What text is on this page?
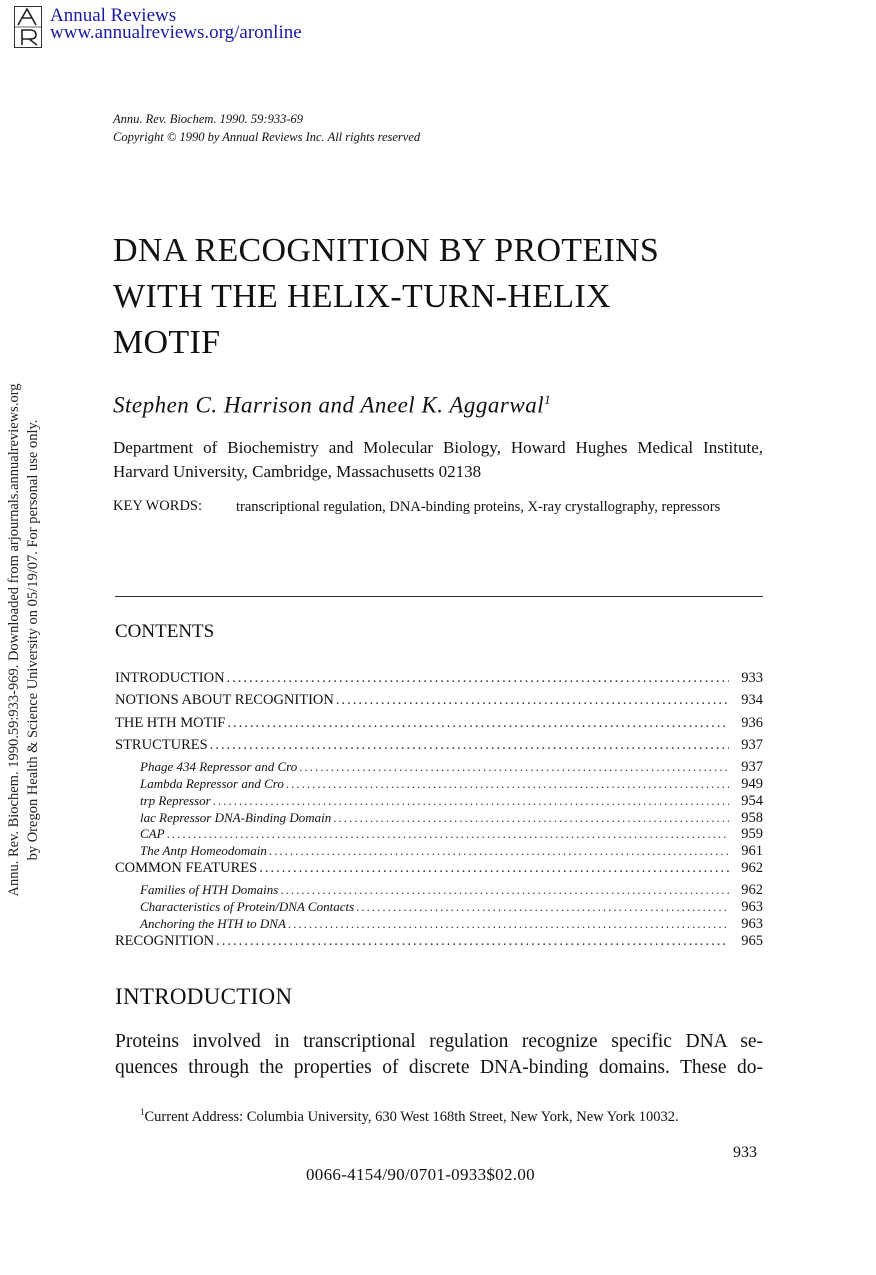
Annual Reviews
www.annualreviews.org/aronline
Annu. Rev. Biochem. 1990.59:933-969. Downloaded from arjournals.annualreviews.org by Oregon Health & Science University on 05/19/07. For personal use only.
Annu. Rev. Biochem. 1990. 59:933-69
Copyright © 1990 by Annual Reviews Inc. All rights reserved
DNA RECOGNITION BY PROTEINS
WITH THE HELIX-TURN-HELIX
MOTIF
Stephen C. Harrison and Aneel K. Aggarwal$^1$
Department of Biochemistry and Molecular Biology, Howard Hughes Medical Institute, Harvard University, Cambridge, Massachusetts 02138
KEY WORDS: transcriptional regulation, DNA-binding proteins, X-ray crystallography, repressors
CONTENTS
INTRODUCTION .....	933
NOTIONS ABOUT RECOGNITION .....	934
THE HTH MOTIF .....	936
STRUCTURES .....	937
Phage 434 Repressor and Cro .....	937
Lambda Repressor and Cro .....	949
trp Repressor .....	954
lac Repressor DNA-Binding Domain .....	958
CAP .....	959
The Antp Homeodomain .....	961
COMMON FEATURES .....	962
Families of HTH Domains .....	962
Characteristics of Protein/DNA Contacts .....	963
Anchoring the HTH to DNA .....	963
RECOGNITION .....	965
INTRODUCTION
Proteins involved in transcriptional regulation recognize specific DNA se-
quences through the properties of discrete DNA-binding domains. These do-
$^1$Current Address: Columbia University, 630 West 168th Street, New York, New York 10032.
933
0066-4154/90/0701-0933$02.00
